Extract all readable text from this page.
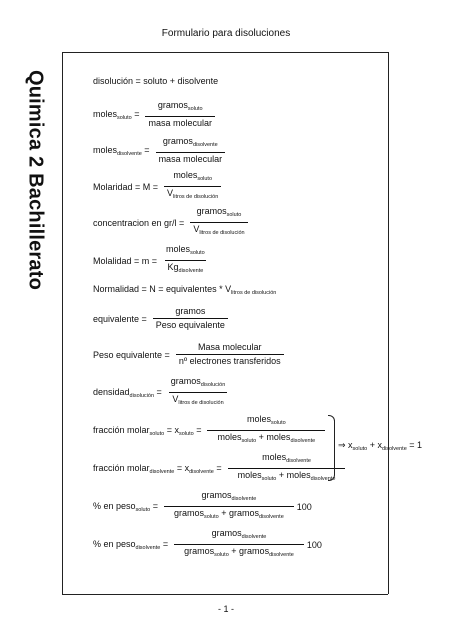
Formulario para disoluciones
Quimica 2 Bachillerato	disolución = soluto + disolvente
moles$_{soluto}$ = $\frac{gramos_{soluto}}{\text{masa molecular}}$
moles$_{disolvente}$ = $\frac{gramos_{disolvente}}{\text{masa molecular}}$
Molaridad = $M = \frac{moles_{soluto}}{V_{litros de disolución}}$
concentracion en $gr/l = \frac{gramos_{soluto}}{V_{litros de disolución}}$
Molalidad = $m = \frac{moles_{soluto}}{Kg_{disolvente}}$
Normalidad = N = equivalentes * $V_{litros de disolución}$
equivalente = $\frac{\text{gramos}}{\text{Peso equivalente}}$
Peso equivalente = $\frac{\text{Masa molecular}}{\text{nº electrones transferidos}}$
densidad$_{disolución}$ = $\frac{gramos_{disolución}}{V_{litros de disolución}}$
fracción molar$_{soluto}$ = $x_{soluto} = \frac{moles_{soluto}}{moles_{soluto} + moles_{disolvente}}$
fracción molar$_{disolvente}$ = $x_{disolvente} = \frac{moles_{disolvente}}{moles_{soluto} + moles_{disolvente}}$
⇒ $x_{soluto} + x_{disolvente} = 1$
% en peso$_{soluto}$ = $\frac{gramos_{disolvente}}{gramos_{soluto} + gramos_{disolvente}} 100$
% en peso$_{disolvente}$ = $\frac{gramos_{disolvente}}{gramos_{soluto} + gramos_{disolvente}} 100$
- 1 -
